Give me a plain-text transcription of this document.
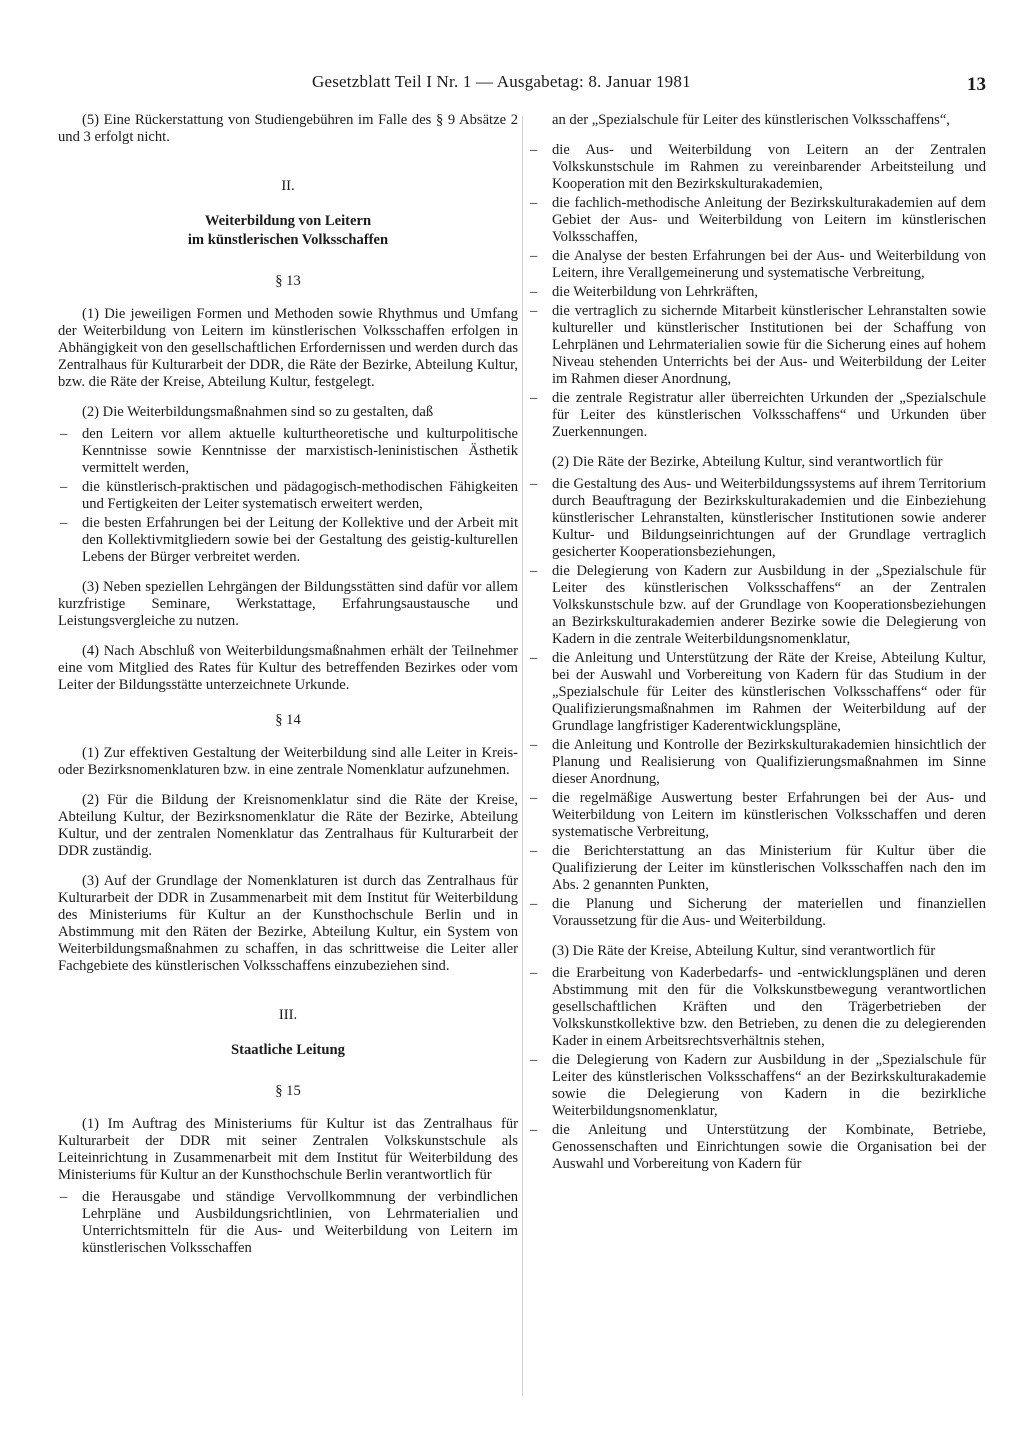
Gesetzblatt Teil I Nr. 1 — Ausgabetag: 8. Januar 1981	13

(5) Eine Rückerstattung von Studiengebühren im Falle des § 9 Absätze 2 und 3 erfolgt nicht.

II.
Weiterbildung von Leitern
im künstlerischen Volksschaffen
§ 13

(1) Die jeweiligen Formen und Methoden sowie Rhythmus und Umfang der Weiterbildung von Leitern im künstlerischen Volksschaffen erfolgen in Abhängigkeit von den gesellschaftlichen Erfordernissen und werden durch das Zentralhaus für Kulturarbeit der DDR, die Räte der Bezirke, Abteilung Kultur, bzw. die Räte der Kreise, Abteilung Kultur, festgelegt.

(2) Die Weiterbildungsmaßnahmen sind so zu gestalten, daß

– den Leitern vor allem aktuelle kulturtheoretische und kulturpolitische Kenntnisse sowie Kenntnisse der marxistisch-leninistischen Ästhetik vermittelt werden,
– die künstlerisch-praktischen und pädagogisch-methodischen Fähigkeiten und Fertigkeiten der Leiter systematisch erweitert werden,
– die besten Erfahrungen bei der Leitung der Kollektive und der Arbeit mit den Kollektivmitgliedern sowie bei der Gestaltung des geistig-kulturellen Lebens der Bürger verbreitet werden.

(3) Neben speziellen Lehrgängen der Bildungsstätten sind dafür vor allem kurzfristige Seminare, Werkstattage, Erfahrungsaustausche und Leistungsvergleiche zu nutzen.

(4) Nach Abschluß von Weiterbildungsmaßnahmen erhält der Teilnehmer eine vom Mitglied des Rates für Kultur des betreffenden Bezirkes oder vom Leiter der Bildungsstätte unterzeichnete Urkunde.

§ 14

(1) Zur effektiven Gestaltung der Weiterbildung sind alle Leiter in Kreis- oder Bezirksnomenklaturen bzw. in eine zentrale Nomenklatur aufzunehmen.

(2) Für die Bildung der Kreisnomenklatur sind die Räte der Kreise, Abteilung Kultur, der Bezirksnomenklatur die Räte der Bezirke, Abteilung Kultur, und der zentralen Nomenklatur das Zentralhaus für Kulturarbeit der DDR zuständig.

(3) Auf der Grundlage der Nomenklaturen ist durch das Zentralhaus für Kulturarbeit der DDR in Zusammenarbeit mit dem Institut für Weiterbildung des Ministeriums für Kultur an der Kunsthochschule Berlin und in Abstimmung mit den Räten der Bezirke, Abteilung Kultur, ein System von Weiterbildungsmaßnahmen zu schaffen, in das schrittweise die Leiter aller Fachgebiete des künstlerischen Volksschaffens einzubeziehen sind.

III.
Staatliche Leitung
§ 15

(1) Im Auftrag des Ministeriums für Kultur ist das Zentralhaus für Kulturarbeit der DDR mit seiner Zentralen Volkskunstschule als Leiteinrichtung in Zusammenarbeit mit dem Institut für Weiterbildung des Ministeriums für Kultur an der Kunsthochschule Berlin verantwortlich für

– die Herausgabe und ständige Vervollkommnung der verbindlichen Lehrpläne und Ausbildungsrichtlinien, von Lehrmaterialien und Unterrichtsmitteln für die Aus- und Weiterbildung von Leitern im künstlerischen Volksschaffen

an der „Spezialschule für Leiter des künstlerischen Volksschaffens“,

– die Aus- und Weiterbildung von Leitern an der Zentralen Volkskunstschule im Rahmen zu vereinbarender Arbeitsteilung und Kooperation mit den Bezirkskulturakademien,
– die fachlich-methodische Anleitung der Bezirkskulturakademien auf dem Gebiet der Aus- und Weiterbildung von Leitern im künstlerischen Volksschaffen,
– die Analyse der besten Erfahrungen bei der Aus- und Weiterbildung von Leitern, ihre Verallgemeinerung und systematische Verbreitung,
– die Weiterbildung von Lehrkräften,
– die vertraglich zu sichernde Mitarbeit künstlerischer Lehranstalten sowie kultureller und künstlerischer Institutionen bei der Schaffung von Lehrplänen und Lehrmaterialien sowie für die Sicherung eines auf hohem Niveau stehenden Unterrichts bei der Aus- und Weiterbildung der Leiter im Rahmen dieser Anordnung,
– die zentrale Registratur aller überreichten Urkunden der „Spezialschule für Leiter des künstlerischen Volksschaffens“ und Urkunden über Zuerkennungen.

(2) Die Räte der Bezirke, Abteilung Kultur, sind verantwortlich für

– die Gestaltung des Aus- und Weiterbildungssystems auf ihrem Territorium durch Beauftragung der Bezirkskulturakademien und die Einbeziehung künstlerischer Lehranstalten, künstlerischer Institutionen sowie anderer Kultur- und Bildungseinrichtungen auf der Grundlage vertraglich gesicherter Kooperationsbeziehungen,
– die Delegierung von Kadern zur Ausbildung in der „Spezialschule für Leiter des künstlerischen Volksschaffens“ an der Zentralen Volkskunstschule bzw. auf der Grundlage von Kooperationsbeziehungen an Bezirkskulturakademien anderer Bezirke sowie die Delegierung von Kadern in die zentrale Weiterbildungsnomenklatur,
– die Anleitung und Unterstützung der Räte der Kreise, Abteilung Kultur, bei der Auswahl und Vorbereitung von Kadern für das Studium in der „Spezialschule für Leiter des künstlerischen Volksschaffens“ oder für Qualifizierungsmaßnahmen im Rahmen der Weiterbildung auf der Grundlage langfristiger Kaderentwicklungspläne,
– die Anleitung und Kontrolle der Bezirkskulturakademien hinsichtlich der Planung und Realisierung von Qualifizierungsmaßnahmen im Sinne dieser Anordnung,
– die regelmäßige Auswertung bester Erfahrungen bei der Aus- und Weiterbildung von Leitern im künstlerischen Volksschaffen und deren systematische Verbreitung,
– die Berichterstattung an das Ministerium für Kultur über die Qualifizierung der Leiter im künstlerischen Volksschaffen nach den im Abs. 2 genannten Punkten,
– die Planung und Sicherung der materiellen und finanziellen Voraussetzung für die Aus- und Weiterbildung.

(3) Die Räte der Kreise, Abteilung Kultur, sind verantwortlich für

– die Erarbeitung von Kaderbedarfs- und -entwicklungsplänen und deren Abstimmung mit den für die Volkskunstbewegung verantwortlichen gesellschaftlichen Kräften und den Trägerbetrieben der Volkskunstkollektive bzw. den Betrieben, zu denen die zu delegierenden Kader in einem Arbeitsrechtsverhältnis stehen,
– die Delegierung von Kadern zur Ausbildung in der „Spezialschule für Leiter des künstlerischen Volksschaffens“ an der Bezirkskulturakademie sowie die Delegierung von Kadern in die bezirkliche Weiterbildungsnomenklatur,
– die Anleitung und Unterstützung der Kombinate, Betriebe, Genossenschaften und Einrichtungen sowie die Organisation bei der Auswahl und Vorbereitung von Kadern für
